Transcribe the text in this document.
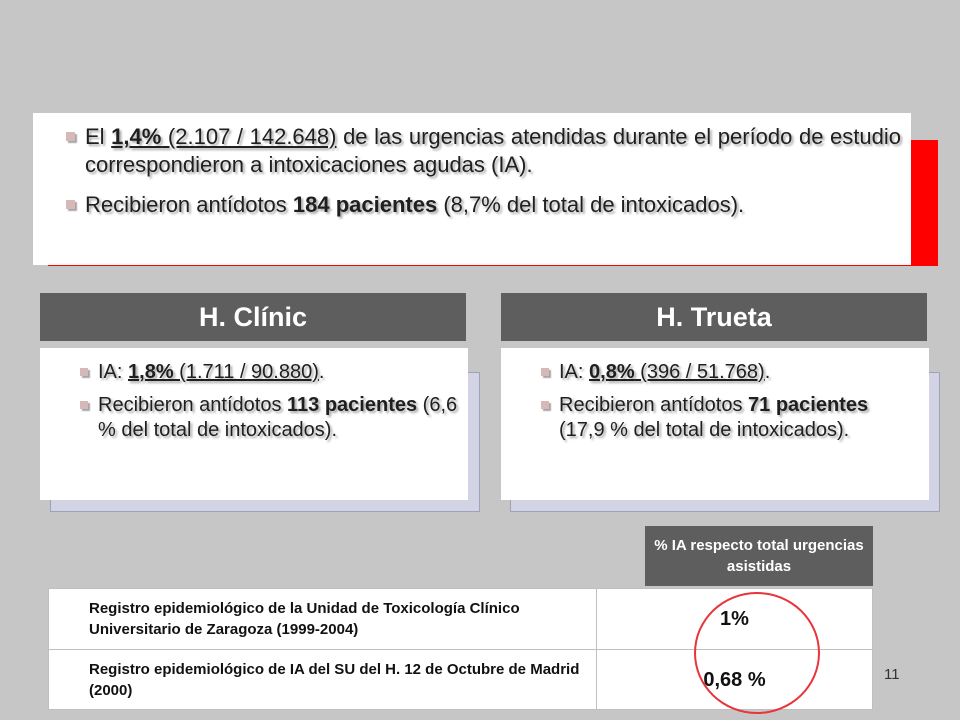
El 1,4% (2.107 / 142.648) de las urgencias atendidas durante el período de estudio correspondieron a intoxicaciones agudas (IA).
Recibieron antídotos 184 pacientes (8,7% del total de intoxicados).
H. Clínic
IA: 1,8% (1.711 / 90.880).
Recibieron antídotos 113 pacientes (6,6 % del total de intoxicados).
H. Trueta
IA: 0,8% (396 / 51.768).
Recibieron antídotos 71 pacientes (17,9 % del total de intoxicados).
% IA respecto total urgencias asistidas
Registro epidemiológico de la Unidad de Toxicología Clínico Universitario de Zaragoza (1999-2004)	1%
Registro epidemiológico de IA del SU del H. 12 de Octubre de Madrid (2000)	0,68 %	11
